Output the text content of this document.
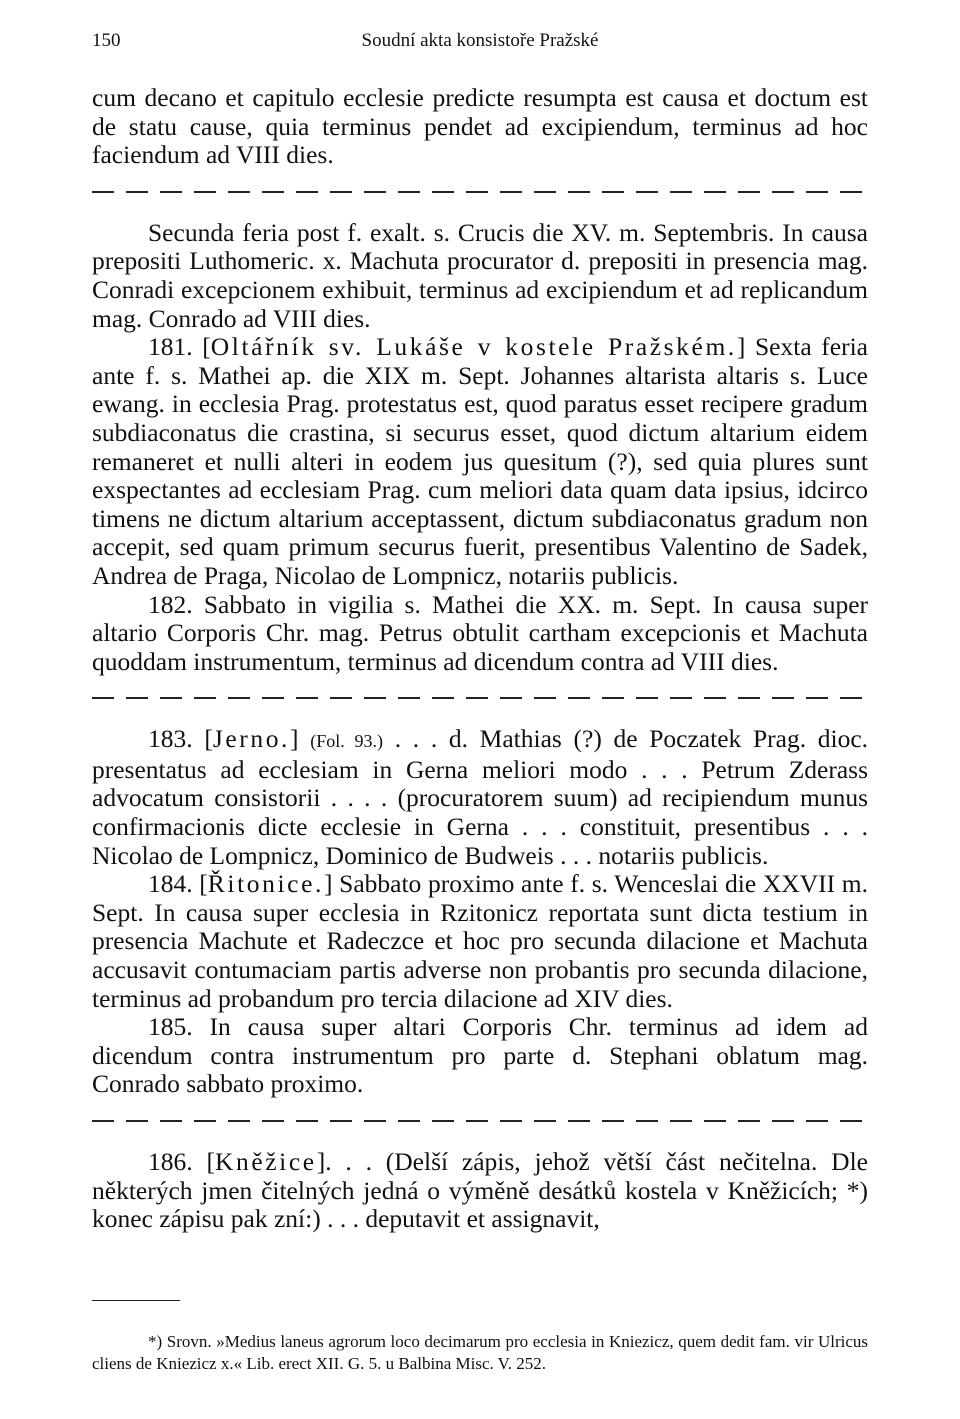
150	Soudní akta konsistoře Pražské

cum decano et capitulo ecclesie predicte resumpta est causa et doctum est de statu cause, quia terminus pendet ad excipiendum, terminus ad hoc faciendum ad VIII dies.

Secunda feria post f. exalt. s. Crucis die XV. m. Septembris. In causa prepositi Luthomeric. x. Machuta procurator d. prepositi in presencia mag. Conradi excepcionem exhibuit, terminus ad excipiendum et ad replicandum mag. Conrado ad VIII dies.

181. [Oltářník sv. Lukáše v kostele Pražském.] Sexta feria ante f. s. Mathei ap. die XIX m. Sept. Johannes altarista altaris s. Luce ewang. in ecclesia Prag. protestatus est, quod paratus esset recipere gradum subdiaconatus die crastina, si securus esset, quod dictum altarium eidem remaneret et nulli alteri in eodem jus quesitum (?), sed quia plures sunt exspectantes ad ecclesiam Prag. cum meliori data quam data ipsius, idcirco timens ne dictum altarium acceptassent, dictum subdiaconatus gradum non accepit, sed quam primum securus fuerit, presentibus Valentino de Sadek, Andrea de Praga, Nicolao de Lompnicz, notariis publicis.

182. Sabbato in vigilia s. Mathei die XX. m. Sept. In causa super altario Corporis Chr. mag. Petrus obtulit cartham excepcionis et Machuta quoddam instrumentum, terminus ad dicendum contra ad VIII dies.

183. [Jerno.] (Fol. 93.) . . . d. Mathias (?) de Poczatek Prag. dioc. presentatus ad ecclesiam in Gerna meliori modo . . . Petrum Zderass advocatum consistorii . . . . (procuratorem suum) ad recipiendum munus confirmacionis dicte ecclesie in Gerna . . . constituit, presentibus . . . Nicolao de Lompnicz, Dominico de Budweis . . . notariis publicis.

184. [Řitonice.] Sabbato proximo ante f. s. Wenceslai die XXVII m. Sept. In causa super ecclesia in Rzitonicz reportata sunt dicta testium in presencia Machute et Radeczce et hoc pro secunda dilacione et Machuta accusavit contumaciam partis adverse non probantis pro secunda dilacione, terminus ad probandum pro tercia dilacione ad XIV dies.

185. In causa super altari Corporis Chr. terminus ad idem ad dicendum contra instrumentum pro parte d. Stephani oblatum mag. Conrado sabbato proximo.

186. [Kněžice]. . . (Delší zápis, jehož větší část nečitelna. Dle některých jmen čitelných jedná o výměně desátků kostela v Kněžicích; *) konec zápisu pak zní:) . . . deputavit et assignavit,

*) Srovn. »Medius laneus agrorum loco decimarum pro ecclesia in Kniezicz, quem dedit fam. vir Ulricus cliens de Kniezicz x.« Lib. erect XII. G. 5. u Balbina Misc. V. 252.
